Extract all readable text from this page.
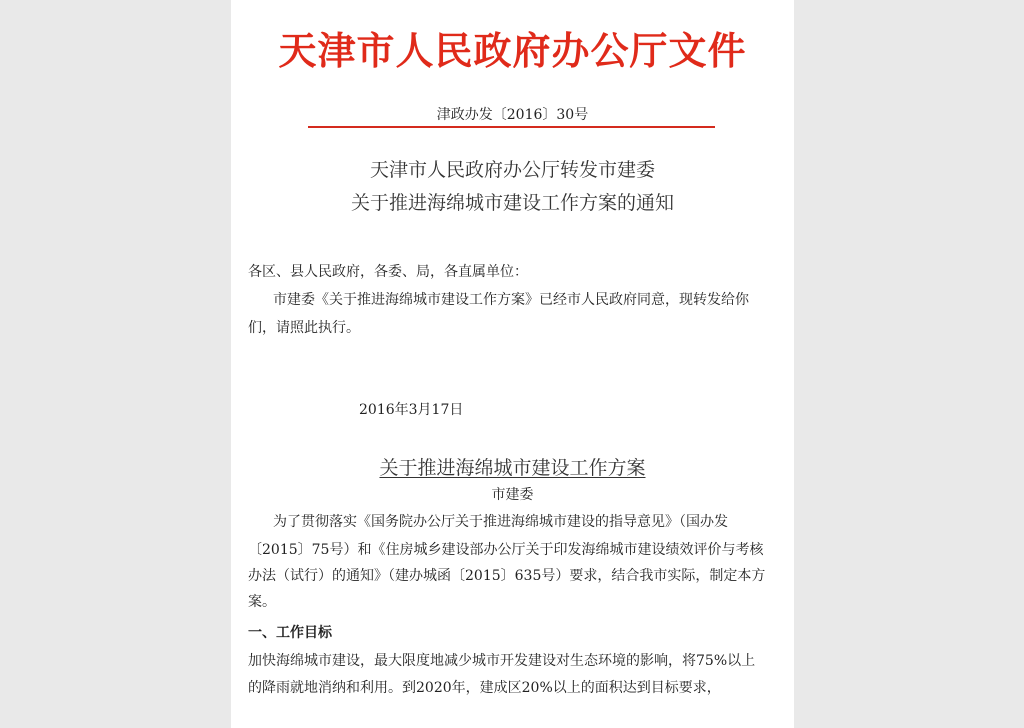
天津市人民政府办公厅文件
津政办发〔2016〕30号
天津市人民政府办公厅转发市建委
关于推进海绵城市建设工作方案的通知
各区、县人民政府，各委、局，各直属单位：
市建委《关于推进海绵城市建设工作方案》已经市人民政府同意，现转发给你
们，请照此执行。
2016年3月17日
关于推进海绵城市建设工作方案
市建委
为了贯彻落实《国务院办公厅关于推进海绵城市建设的指导意见》（国办发
〔2015〕75号）和《住房城乡建设部办公厅关于印发海绵城市建设绩效评价与考核
办法（试行）的通知》（建办城函〔2015〕635号）要求，结合我市实际，制定本方
案。
一、工作目标
加快海绵城市建设，最大限度地减少城市开发建设对生态环境的影响，将75%以上
的降雨就地消纳和利用。到2020年，建成区20%以上的面积达到目标要求，
